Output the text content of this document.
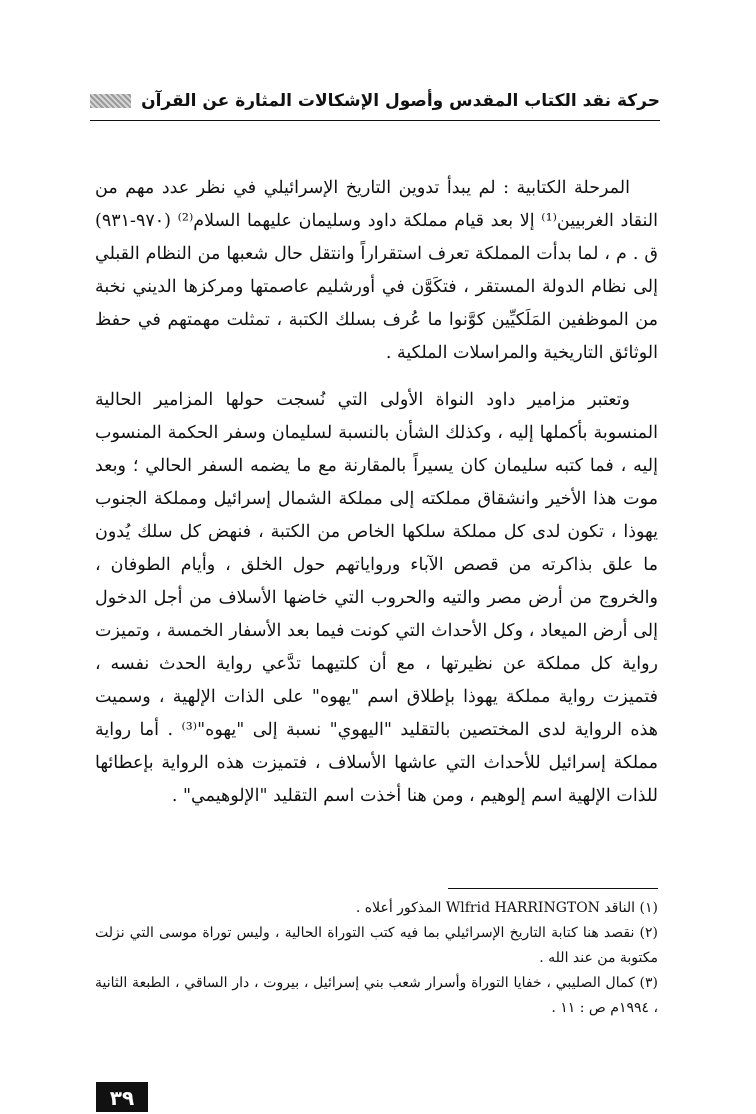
حركة نقد الكتاب المقدس وأصول الإشكالات المثارة عن القرآن

المرحلة الكتابية : لم يبدأ تدوين التاريخ الإسرائيلي في نظر عدد مهم من النقاد الغربيين⁽¹⁾ إلا بعد قيام مملكة داود وسليمان عليهما السلام⁽²⁾ (٩٧٠-٩٣١) ق . م ، لما بدأت المملكة تعرف استقراراً وانتقل حال شعبها من النظام القبلي إلى نظام الدولة المستقر ، فتكَوَّن في أورشليم عاصمتها ومركزها الديني نخبة من الموظفين المَلَكيِّين كوَّنوا ما عُرف بسلك الكتبة ، تمثلت مهمتهم في حفظ الوثائق التاريخية والمراسلات الملكية .

وتعتبر مزامير داود النواة الأولى التي نُسجت حولها المزامير الحالية المنسوبة بأكملها إليه ، وكذلك الشأن بالنسبة لسليمان وسفر الحكمة المنسوب إليه ، فما كتبه سليمان كان يسيراً بالمقارنة مع ما يضمه السفر الحالي ؛ وبعد موت هذا الأخير وانشقاق مملكته إلى مملكة الشمال إسرائيل ومملكة الجنوب يهوذا ، تكون لدى كل مملكة سلكها الخاص من الكتبة ، فنهض كل سلك يُدون ما علق بذاكرته من قصص الآباء ورواياتهم حول الخلق ، وأيام الطوفان ، والخروج من أرض مصر والتيه والحروب التي خاضها الأسلاف من أجل الدخول إلى أرض الميعاد ، وكل الأحداث التي كونت فيما بعد الأسفار الخمسة ، وتميزت رواية كل مملكة عن نظيرتها ، مع أن كلتيهما تدَّعي رواية الحدث نفسه ، فتميزت رواية مملكة يهوذا بإطلاق اسم "يهوه" على الذات الإلهية ، وسميت هذه الرواية لدى المختصين بالتقليد "اليهوي" نسبة إلى "يهوه"⁽³⁾ . أما رواية مملكة إسرائيل للأحداث التي عاشها الأسلاف ، فتميزت هذه الرواية بإعطائها للذات الإلهية اسم إلوهيم ، ومن هنا أخذت اسم التقليد "الإلوهيمي" .

(١) الناقد Wlfrid HARRINGTON المذكور أعلاه .

(٢) نقصد هنا كتابة التاريخ الإسرائيلي بما فيه كتب التوراة الحالية ، وليس توراة موسى التي نزلت مكتوبة من عند الله .

(٣) كمال الصليبي ، خفايا التوراة وأسرار شعب بني إسرائيل ، بيروت ، دار الساقي ، الطبعة الثانية ، ١٩٩٤م ص : ١١ .

٣٩
